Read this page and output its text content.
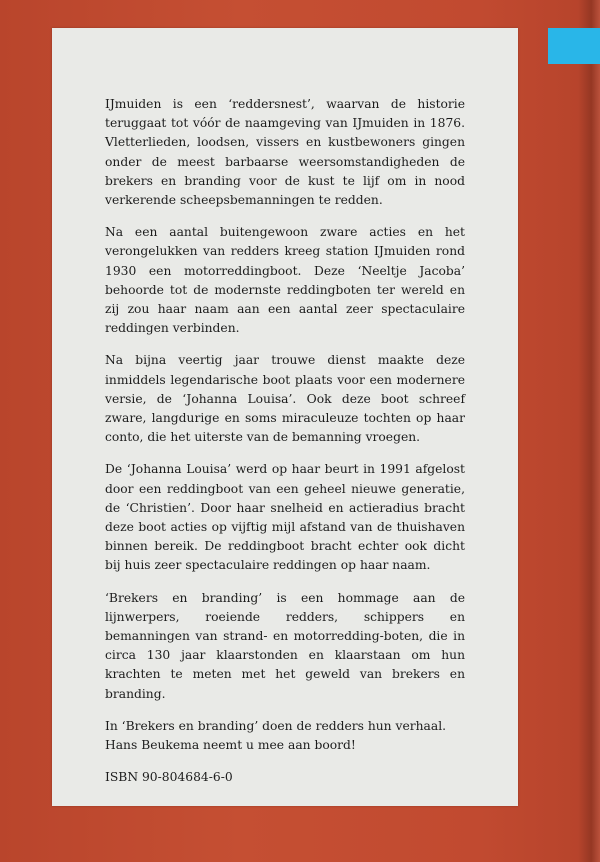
IJmuiden is een ‘reddersnest’, waarvan de historie teruggaat tot vóór de naamgeving van IJmuiden in 1876. Vletterlieden, loodsen, vissers en kustbewoners gingen onder de meest barbaarse weersomstandigheden de brekers en branding voor de kust te lijf om in nood verkerende scheepsbemanningen te redden.

Na een aantal buitengewoon zware acties en het verongelukken van redders kreeg station IJmuiden rond 1930 een motorreddingboot. Deze ‘Neeltje Jacoba’ behoorde tot de modernste reddingboten ter wereld en zij zou haar naam aan een aantal zeer spectaculaire reddingen verbinden.

Na bijna veertig jaar trouwe dienst maakte deze inmiddels legendarische boot plaats voor een modernere versie, de ‘Johanna Louisa’. Ook deze boot schreef zware, langdurige en soms miraculeuze tochten op haar conto, die het uiterste van de bemanning vroegen.

De ‘Johanna Louisa’ werd op haar beurt in 1991 afgelost door een reddingboot van een geheel nieuwe generatie, de ‘Christien’. Door haar snelheid en actieradius bracht deze boot acties op vijftig mijl afstand van de thuishaven binnen bereik. De reddingboot bracht echter ook dicht bij huis zeer spectaculaire reddingen op haar naam.

‘Brekers en branding’ is een hommage aan de lijnwerpers, roeiende redders, schippers en bemanningen van strand- en motorredding-boten, die in circa 130 jaar klaarstonden en klaarstaan om hun krachten te meten met het geweld van brekers en branding.

In ‘Brekers en branding’ doen de redders hun verhaal.
Hans Beukema neemt u mee aan boord!

ISBN 90-804684-6-0
